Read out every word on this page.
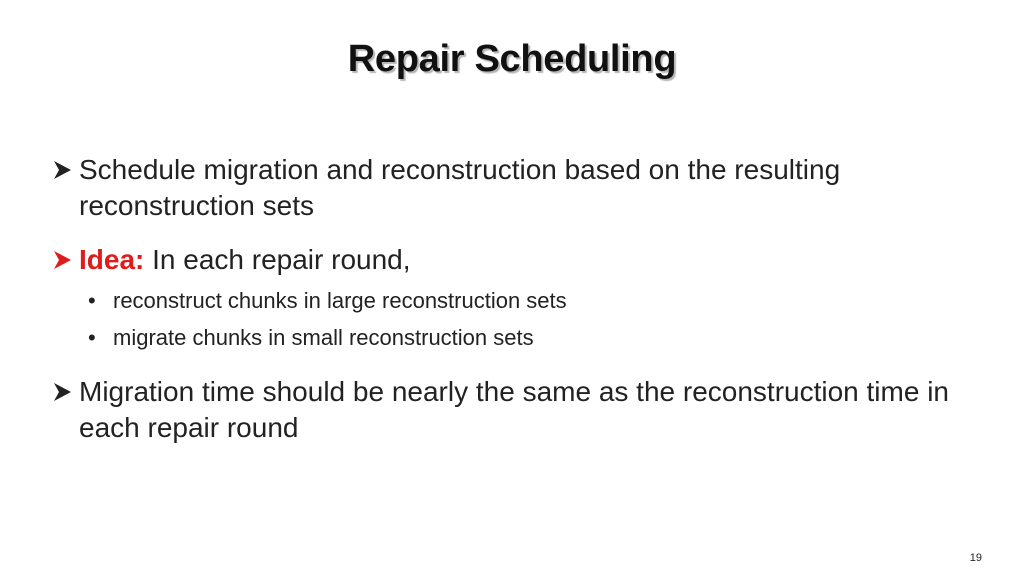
Repair Scheduling
Schedule migration and reconstruction based on the resulting reconstruction sets
Idea: In each repair round,
• reconstruct chunks in large reconstruction sets
• migrate chunks in small reconstruction sets
Migration time should be nearly the same as the reconstruction time in each repair round
19
